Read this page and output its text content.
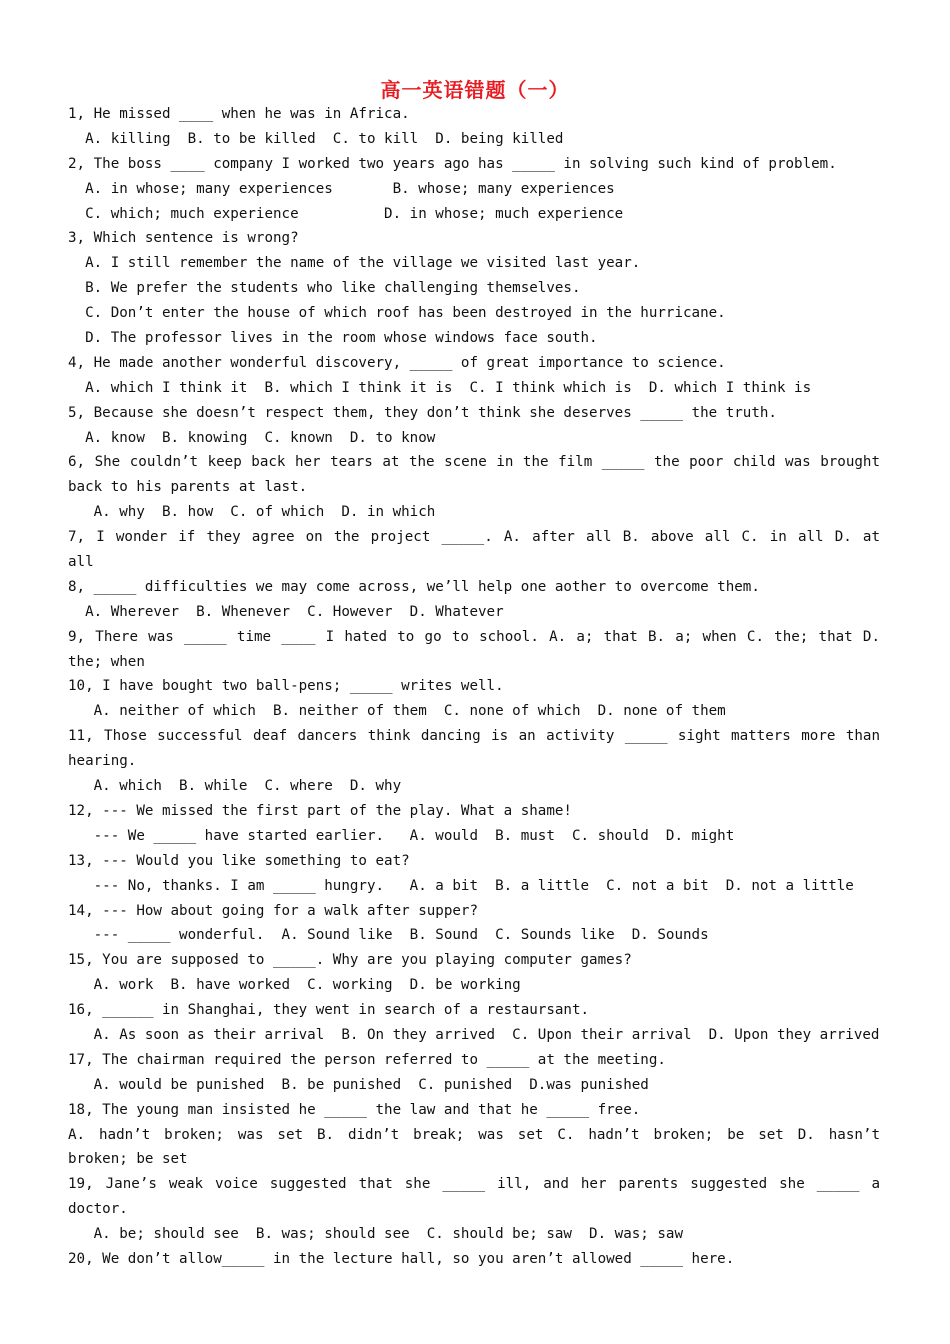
高一英语错题（一）
1, He missed ____ when he was in Africa.
A. killing  B. to be killed  C. to kill  D. being killed
2, The boss ____ company I worked two years ago has _____ in solving such kind of problem.
A. in whose; many experiences       B. whose; many experiences
C. which; much experience          D. in whose; much experience
3, Which sentence is wrong?
A. I still remember the name of the village we visited last year.
B. We prefer the students who like challenging themselves.
C. Don’t enter the house of which roof has been destroyed in the hurricane.
D. The professor lives in the room whose windows face south.
4, He made another wonderful discovery, _____ of great importance to science.
A. which I think it  B. which I think it is  C. I think which is  D. which I think is
5, Because she doesn’t respect them, they don’t think she deserves _____ the truth.
A. know  B. knowing  C. known  D. to know
6, She couldn’t keep back her tears at the scene in the film _____ the poor child was brought
back to his parents at last.
A. why  B. how  C. of which  D. in which
7, I wonder if they agree on the project _____. A. after all B. above all C. in all D. at
all
8, _____ difficulties we may come across, we’ll help one aother to overcome them.
A. Wherever  B. Whenever  C. However  D. Whatever
9, There was _____ time ____ I hated to go to school. A. a; that B. a; when C. the; that D.
the; when
10, I have bought two ball-pens; _____ writes well.
A. neither of which  B. neither of them  C. none of which  D. none of them
11, Those successful deaf dancers think dancing is an activity _____ sight matters more than
hearing.
A. which  B. while  C. where  D. why
12, --- We missed the first part of the play. What a shame!
--- We _____ have started earlier.   A. would  B. must  C. should  D. might
13, --- Would you like something to eat?
--- No, thanks. I am _____ hungry.   A. a bit  B. a little  C. not a bit  D. not a little
14, --- How about going for a walk after supper?
--- _____ wonderful.  A. Sound like  B. Sound  C. Sounds like  D. Sounds
15, You are supposed to _____. Why are you playing computer games?
A. work  B. have worked  C. working  D. be working
16, ______ in Shanghai, they went in search of a restaursant.
A. As soon as their arrival  B. On they arrived  C. Upon their arrival  D. Upon they arrived
17, The chairman required the person referred to _____ at the meeting.
A. would be punished  B. be punished  C. punished  D.was punished
18, The young man insisted he _____ the law and that he _____ free.
A. hadn’t broken; was set B. didn’t break; was set C. hadn’t broken; be set D. hasn’t
broken; be set
19, Jane’s weak voice suggested that she _____ ill, and her parents suggested she _____ a
doctor.
A. be; should see  B. was; should see  C. should be; saw  D. was; saw
20, We don’t allow_____ in the lecture hall, so you aren’t allowed _____ here.
